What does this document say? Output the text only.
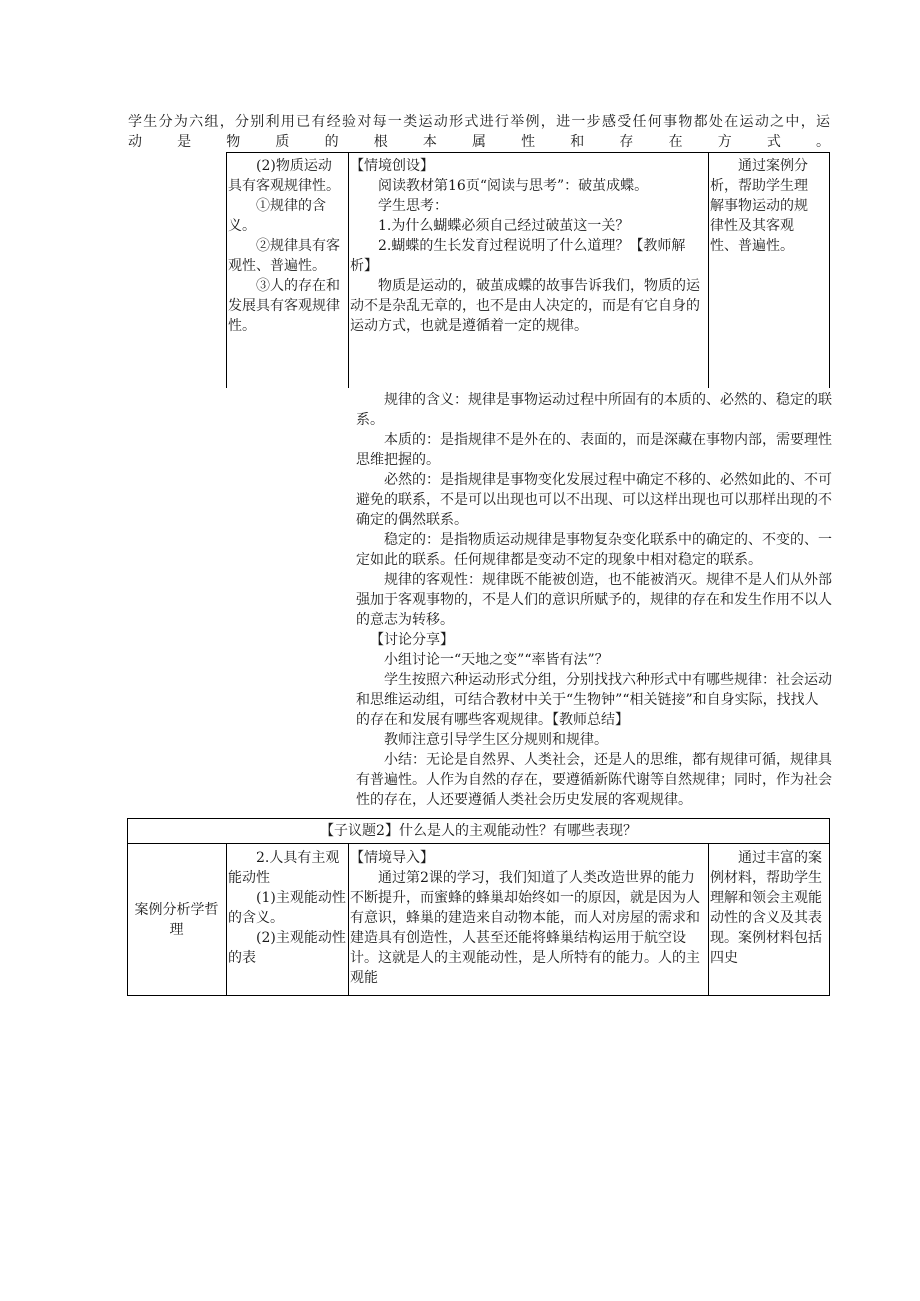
学生分为六组，分别利用已有经验对每一类运动形式进行举例，进一步感受任何事物都处在运动之中，运
动是物质的根本属性和存在方式。

(2)物质运动具有客观规律性。

①规律的含义。

②规律具有客观性、普遍性。

③人的存在和发展具有客观规律性。

【情境创设】

阅读教材第16页“阅读与思考”：破茧成蝶。

学生思考：

1.为什么蝴蝶必须自己经过破茧这一关？

2.蝴蝶的生长发育过程说明了什么道理？【教师解析】

物质是运动的，破茧成蝶的故事告诉我们，物质的运动不是杂乱无章的，也不是由人决定的，而是有它自身的运动方式，也就是遵循着一定的规律。

通过案例分析，帮助学生理解事物运动的规律性及其客观性、普遍性。

规律的含义：规律是事物运动过程中所固有的本质的、必然的、稳定的联系。

本质的：是指规律不是外在的、表面的，而是深藏在事物内部，需要理性思维把握的。

必然的：是指规律是事物变化发展过程中确定不移的、必然如此的、不可避免的联系，不是可以出现也可以不出现、可以这样出现也可以那样出现的不确定的偶然联系。

稳定的：是指物质运动规律是事物复杂变化联系中的确定的、不变的、一定如此的联系。任何规律都是变动不定的现象中相对稳定的联系。

规律的客观性：规律既不能被创造，也不能被消灭。规律不是人们从外部强加于客观事物的，不是人们的意识所赋予的，规律的存在和发生作用不以人的意志为转移。

【讨论分享】

小组讨论一“天地之变”“率皆有法”？

学生按照六种运动形式分组，分别找找六种形式中有哪些规律：社会运动和思维运动组，可结合教材中关于“生物钟”“相关链接”和自身实际，找找人的存在和发展有哪些客观规律。【教师总结】

教师注意引导学生区分规则和规律。

小结：无论是自然界、人类社会，还是人的思维，都有规律可循，规律具有普遍性。人作为自然的存在，要遵循新陈代谢等自然规律；同时，作为社会性的存在，人还要遵循人类社会历史发展的客观规律。

【子议题2】什么是人的主观能动性？有哪些表现？
案例分析学哲理

2.人具有主观能动性

(1)主观能动性的含义。

(2)主观能动性的表

【情境导入】

通过第2课的学习，我们知道了人类改造世界的能力不断提升，而蜜蜂的蜂巢却始终如一的原因，就是因为人有意识，蜂巢的建造来自动物本能，而人对房屋的需求和建造具有创造性，人甚至还能将蜂巢结构运用于航空设计。这就是人的主观能动性，是人所特有的能力。人的主观能

通过丰富的案例材料，帮助学生理解和领会主观能动性的含义及其表现。案例材料包括四史
